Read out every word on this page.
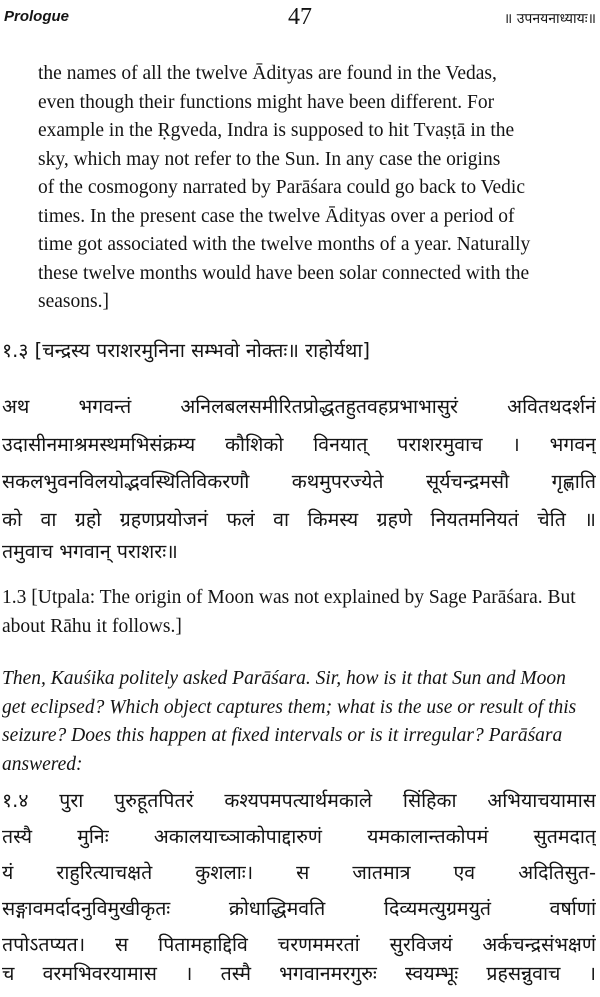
Prologue	47	॥ उपनयनाध्यायः॥
the names of all the twelve Ādityas are found in the Vedas,
even though their functions might have been different. For
example in the Ṛgveda, Indra is supposed to hit Tvaṣṭā in the
sky, which may not refer to the Sun. In any case the origins
of the cosmogony narrated by Parāśara could go back to Vedic
times. In the present case the twelve Ādityas over a period of
time got associated with the twelve months of a year. Naturally
these twelve months would have been solar connected with the
seasons.]
१.३ [चन्द्रस्य पराशरमुनिना सम्भवो नोक्तः॥ राहोर्यथा]
अथ भगवन्तं अनिलबलसमीरितप्रोद्धतहुतवहप्रभाभासुरं अवितथदर्शनं
उदासीनमाश्रमस्थमभिसंक्रम्य कौशिको विनयात् पराशरमुवाच । भगवन्
सकलभुवनविलयोद्भवस्थितिविकरणौ कथमुपरज्येते सूर्यचन्द्रमसौ गृह्णाति
को वा ग्रहो ग्रहणप्रयोजनं फलं वा किमस्य ग्रहणे नियतमनियतं चेति ॥
तमुवाच भगवान् पराशरः॥
1.3 [Utpala: The origin of Moon was not explained by Sage Parāśara. But
about Rāhu it follows.]
Then, Kauśika politely asked Parāśara. Sir, how is it that Sun and Moon
get eclipsed? Which object captures them; what is the use or result of this
seizure? Does this happen at fixed intervals or is it irregular? Parāśara
answered:
१.४ पुरा पुरुहूतपितरं कश्यपमपत्यार्थमकाले सिंहिका अभियाचयामास
तस्यै मुनिः अकालयाच्ञाकोपाद्दारुणं यमकालान्तकोपमं सुतमदात्
यं राहुरित्याचक्षते कुशलाः। स जातमात्र एव अदितिसुत-
सङ्गावमर्दादनुविमुखीकृतः क्रोधाद्धिमवति दिव्यमत्युग्रमयुतं वर्षाणां
तपोऽतप्यत। स पितामहाद्दिवि चरणममरतां सुरविजयं अर्कचन्द्रसंभक्षणं
च वरमभिवरयामास । तस्मै भगवानमरगुरुः स्वयम्भूः प्रहसन्नुवाच ।
